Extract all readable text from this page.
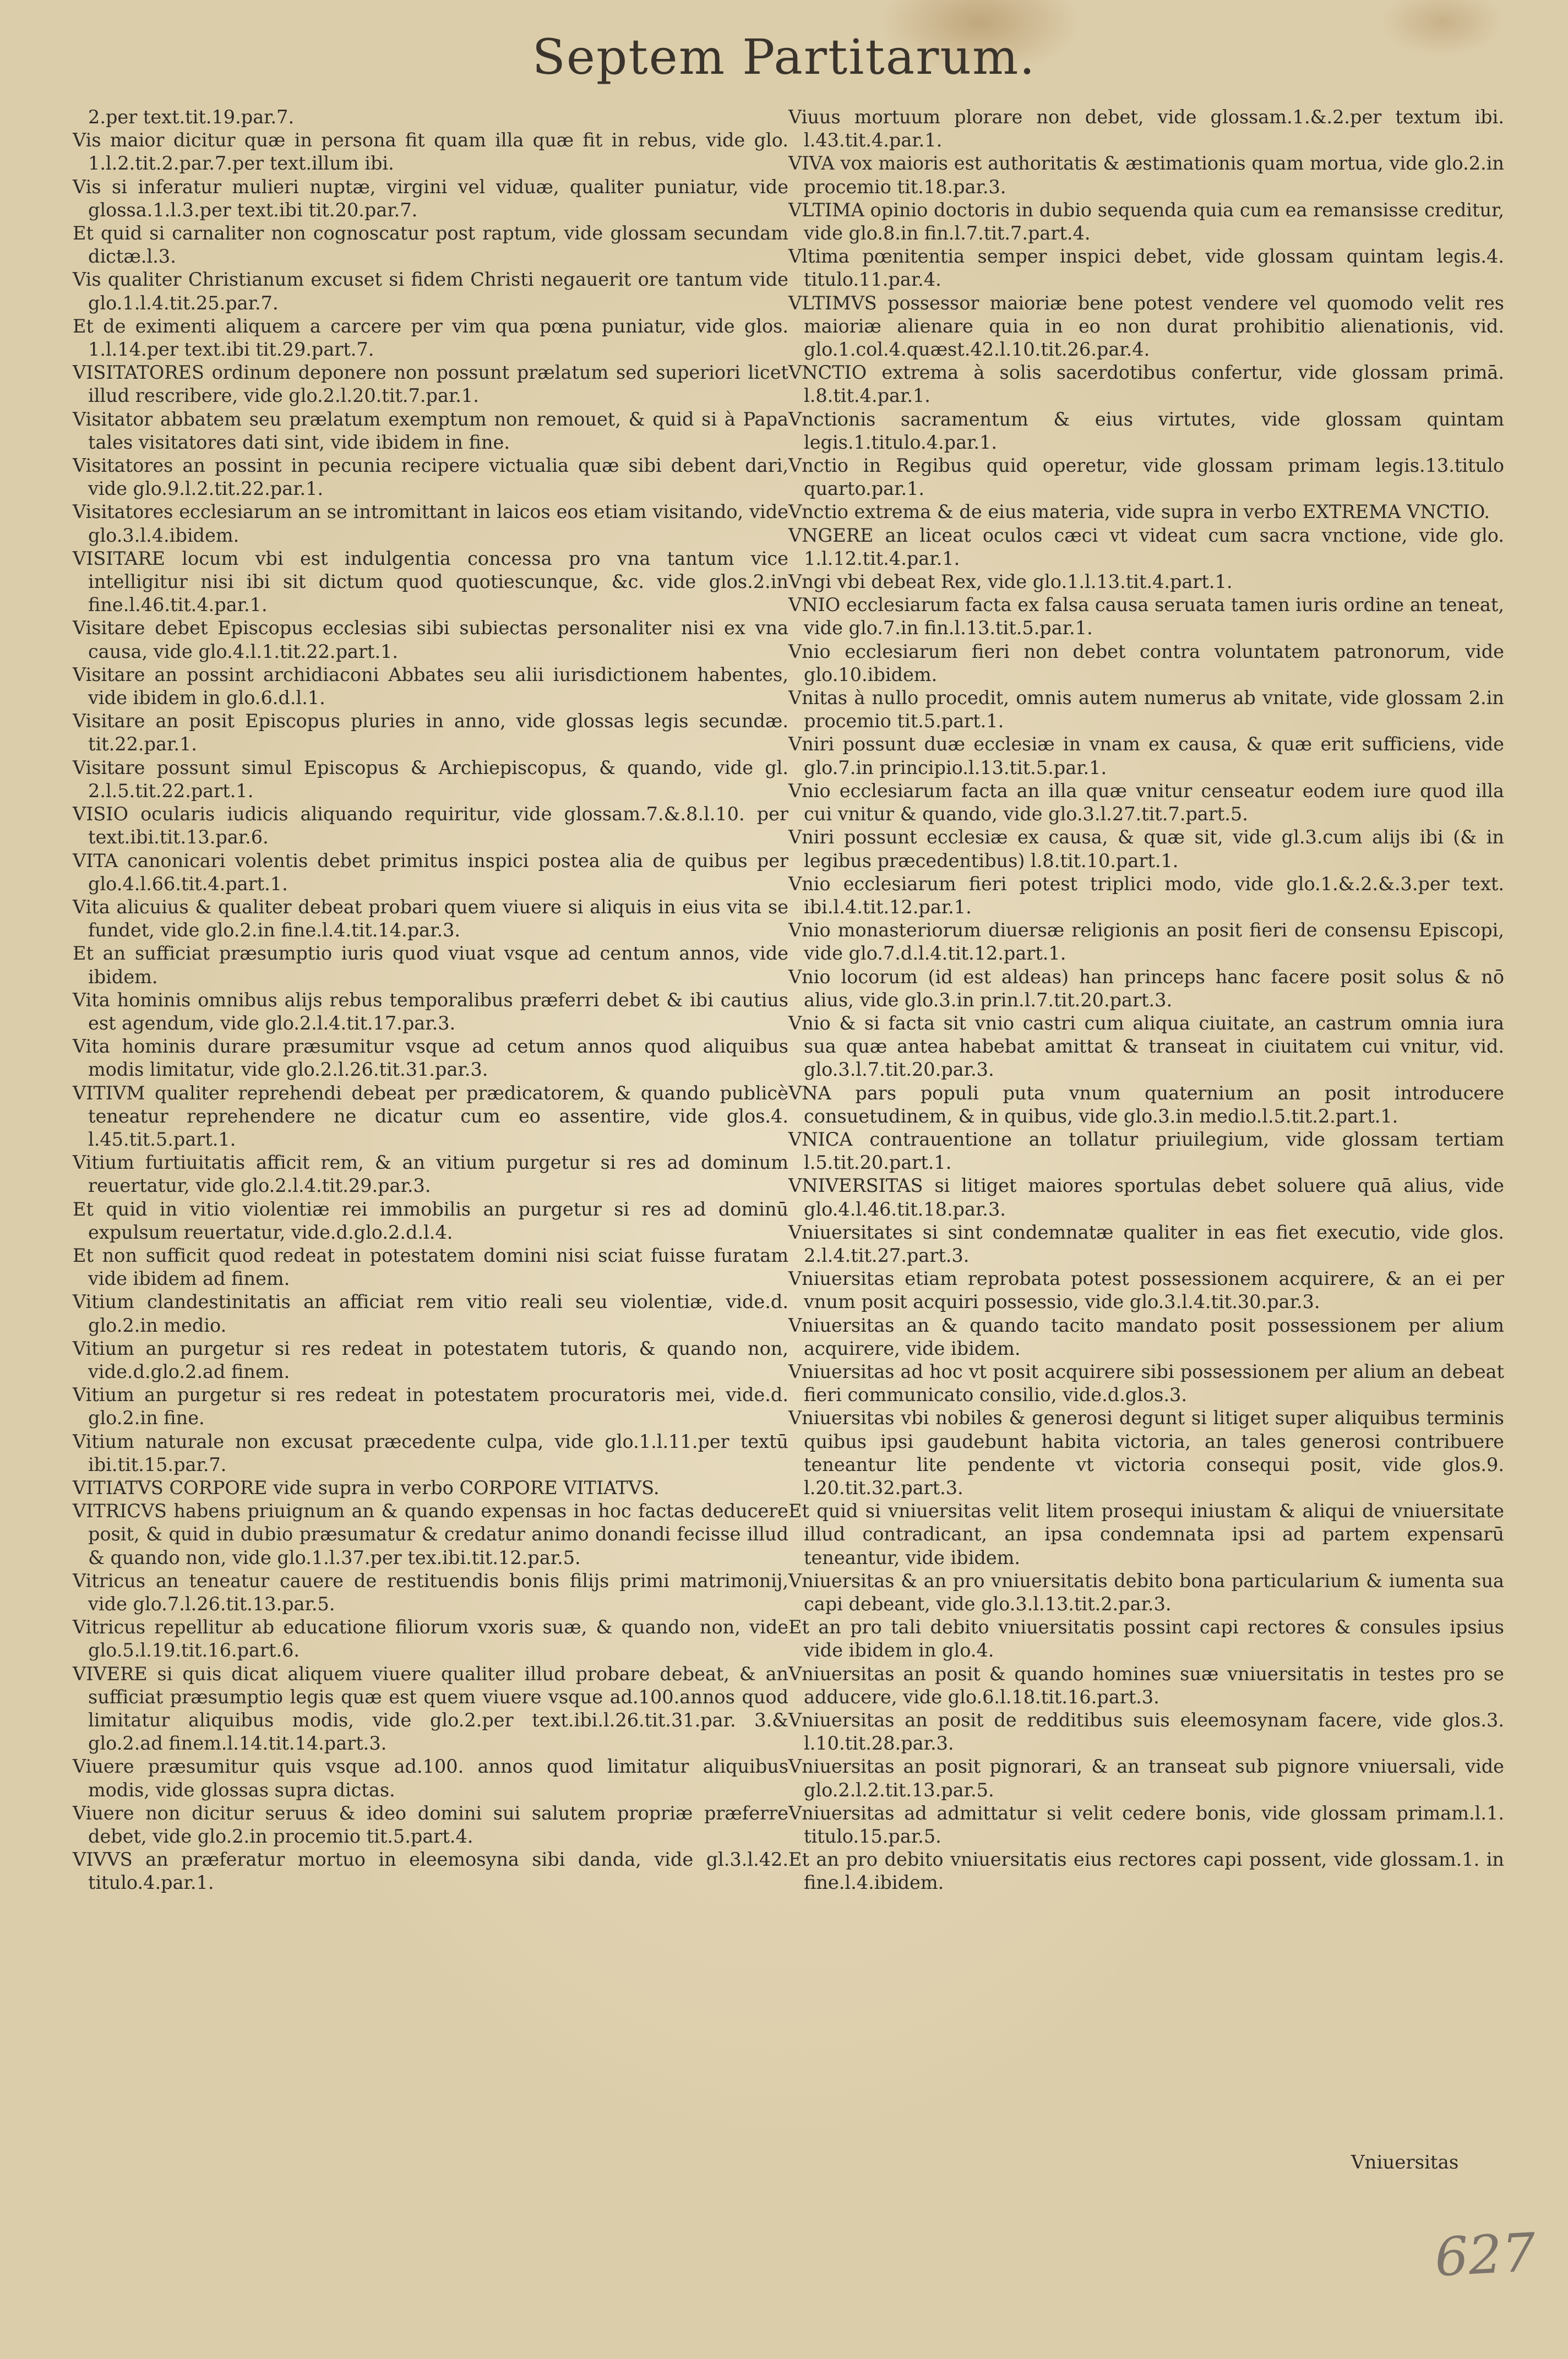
Septem Partitarum.

2.per text.tit.19.par.7.

Vis maior dicitur quæ in persona fit quam illa quæ fit in rebus, vide glo. 1.l.2.tit.2.par.7.per text.illum ibi.

Vis si inferatur mulieri nuptæ, virgini vel viduæ, qualiter puniatur, vide glossa.1.l.3.per text.ibi tit.20.par.7.

Et quid si carnaliter non cognoscatur post raptum, vide glossam secundam dictæ.l.3.

Vis qualiter Christianum excuset si fidem Christi negauerit ore tantum vide glo.1.l.4.tit.25.par.7.

Et de eximenti aliquem a carcere per vim qua pœna puniatur, vide glos. 1.l.14.per text.ibi tit.29.part.7.

VISITATORES ordinum deponere non possunt prælatum sed superiori licet illud rescribere, vide glo.2.l.20.tit.7.par.1.

Visitator abbatem seu prælatum exemptum non remouet, & quid si à Papa tales visitatores dati sint, vide ibidem in fine.

Visitatores an possint in pecunia recipere victualia quæ sibi debent dari, vide glo.9.l.2.tit.22.par.1.

Visitatores ecclesiarum an se intromittant in laicos eos etiam visitando, vide glo.3.l.4.ibidem.

VISITARE locum vbi est indulgentia concessa pro vna tantum vice intelligitur nisi ibi sit dictum quod quotiescunque, &c. vide glos.2.in fine.l.46.tit.4.par.1.

Visitare debet Episcopus ecclesias sibi subiectas personaliter nisi ex vna causa, vide glo.4.l.1.tit.22.part.1.

Visitare an possint archidiaconi Abbates seu alii iurisdictionem habentes, vide ibidem in glo.6.d.l.1.

Visitare an posit Episcopus pluries in anno, vide glossas legis secundæ. tit.22.par.1.

Visitare possunt simul Episcopus & Archiepiscopus, & quando, vide gl. 2.l.5.tit.22.part.1.

VISIO ocularis iudicis aliquando requiritur, vide glossam.7.&.8.l.10. per text.ibi.tit.13.par.6.

VITA canonicari volentis debet primitus inspici postea alia de quibus per glo.4.l.66.tit.4.part.1.

Vita alicuius & qualiter debeat probari quem viuere si aliquis in eius vita se fundet, vide glo.2.in fine.l.4.tit.14.par.3.

Et an sufficiat præsumptio iuris quod viuat vsque ad centum annos, vide ibidem.

Vita hominis omnibus alijs rebus temporalibus præferri debet & ibi cautius est agendum, vide glo.2.l.4.tit.17.par.3.

Vita hominis durare præsumitur vsque ad cetum annos quod aliquibus modis limitatur, vide glo.2.l.26.tit.31.par.3.

VITIVM qualiter reprehendi debeat per prædicatorem, & quando publicè teneatur reprehendere ne dicatur cum eo assentire, vide glos.4. l.45.tit.5.part.1.

Vitium furtiuitatis afficit rem, & an vitium purgetur si res ad dominum reuertatur, vide glo.2.l.4.tit.29.par.3.

Et quid in vitio violentiæ rei immobilis an purgetur si res ad dominū expulsum reuertatur, vide.d.glo.2.d.l.4.

Et non sufficit quod redeat in potestatem domini nisi sciat fuisse furatam vide ibidem ad finem.

Vitium clandestinitatis an afficiat rem vitio reali seu violentiæ, vide.d. glo.2.in medio.

Vitium an purgetur si res redeat in potestatem tutoris, & quando non, vide.d.glo.2.ad finem.

Vitium an purgetur si res redeat in potestatem procuratoris mei, vide.d. glo.2.in fine.

Vitium naturale non excusat præcedente culpa, vide glo.1.l.11.per textū ibi.tit.15.par.7.

VITIATVS CORPORE vide supra in verbo CORPORE VITIATVS.

VITRICVS habens priuignum an & quando expensas in hoc factas deducere posit, & quid in dubio præsumatur & credatur animo donandi fecisse illud & quando non, vide glo.1.l.37.per tex.ibi.tit.12.par.5.

Vitricus an teneatur cauere de restituendis bonis filijs primi matrimonij, vide glo.7.l.26.tit.13.par.5.

Vitricus repellitur ab educatione filiorum vxoris suæ, & quando non, vide glo.5.l.19.tit.16.part.6.

VIVERE si quis dicat aliquem viuere qualiter illud probare debeat, & an sufficiat præsumptio legis quæ est quem viuere vsque ad.100.annos quod limitatur aliquibus modis, vide glo.2.per text.ibi.l.26.tit.31.par. 3.& glo.2.ad finem.l.14.tit.14.part.3.

Viuere præsumitur quis vsque ad.100. annos quod limitatur aliquibus modis, vide glossas supra dictas.

Viuere non dicitur seruus & ideo domini sui salutem propriæ præferre debet, vide glo.2.in procemio tit.5.part.4.

VIVVS an præferatur mortuo in eleemosyna sibi danda, vide gl.3.l.42. titulo.4.par.1.

Viuus mortuum plorare non debet, vide glossam.1.&.2.per textum ibi. l.43.tit.4.par.1.

VIVA vox maioris est authoritatis & æstimationis quam mortua, vide glo.2.in procemio tit.18.par.3.

VLTIMA opinio doctoris in dubio sequenda quia cum ea remansisse creditur, vide glo.8.in fin.l.7.tit.7.part.4.

Vltima pœnitentia semper inspici debet, vide glossam quintam legis.4. titulo.11.par.4.

VLTIMVS possessor maioriæ bene potest vendere vel quomodo velit res maioriæ alienare quia in eo non durat prohibitio alienationis, vid. glo.1.col.4.quæst.42.l.10.tit.26.par.4.

VNCTIO extrema à solis sacerdotibus confertur, vide glossam primā. l.8.tit.4.par.1.

Vnctionis sacramentum & eius virtutes, vide glossam quintam legis.1.titulo.4.par.1.

Vnctio in Regibus quid operetur, vide glossam primam legis.13.titulo quarto.par.1.

Vnctio extrema & de eius materia, vide supra in verbo EXTREMA VNCTIO.

VNGERE an liceat oculos cæci vt videat cum sacra vnctione, vide glo. 1.l.12.tit.4.par.1.

Vngi vbi debeat Rex, vide glo.1.l.13.tit.4.part.1.

VNIO ecclesiarum facta ex falsa causa seruata tamen iuris ordine an teneat, vide glo.7.in fin.l.13.tit.5.par.1.

Vnio ecclesiarum fieri non debet contra voluntatem patronorum, vide glo.10.ibidem.

Vnitas à nullo procedit, omnis autem numerus ab vnitate, vide glossam 2.in procemio tit.5.part.1.

Vniri possunt duæ ecclesiæ in vnam ex causa, & quæ erit sufficiens, vide glo.7.in principio.l.13.tit.5.par.1.

Vnio ecclesiarum facta an illa quæ vnitur censeatur eodem iure quod illa cui vnitur & quando, vide glo.3.l.27.tit.7.part.5.

Vniri possunt ecclesiæ ex causa, & quæ sit, vide gl.3.cum alijs ibi (& in legibus præcedentibus) l.8.tit.10.part.1.

Vnio ecclesiarum fieri potest triplici modo, vide glo.1.&.2.&.3.per text. ibi.l.4.tit.12.par.1.

Vnio monasteriorum diuersæ religionis an posit fieri de consensu Episcopi, vide glo.7.d.l.4.tit.12.part.1.

Vnio locorum (id est aldeas) han princeps hanc facere posit solus & nō alius, vide glo.3.in prin.l.7.tit.20.part.3.

Vnio & si facta sit vnio castri cum aliqua ciuitate, an castrum omnia iura sua quæ antea habebat amittat & transeat in ciuitatem cui vnitur, vid. glo.3.l.7.tit.20.par.3.

VNA pars populi puta vnum quaternium an posit introducere consuetudinem, & in quibus, vide glo.3.in medio.l.5.tit.2.part.1.

VNICA contrauentione an tollatur priuilegium, vide glossam tertiam l.5.tit.20.part.1.

VNIVERSITAS si litiget maiores sportulas debet soluere quā alius, vide glo.4.l.46.tit.18.par.3.

Vniuersitates si sint condemnatæ qualiter in eas fiet executio, vide glos. 2.l.4.tit.27.part.3.

Vniuersitas etiam reprobata potest possessionem acquirere, & an ei per vnum posit acquiri possessio, vide glo.3.l.4.tit.30.par.3.

Vniuersitas an & quando tacito mandato posit possessionem per alium acquirere, vide ibidem.

Vniuersitas ad hoc vt posit acquirere sibi possessionem per alium an debeat fieri communicato consilio, vide.d.glos.3.

Vniuersitas vbi nobiles & generosi degunt si litiget super aliquibus terminis quibus ipsi gaudebunt habita victoria, an tales generosi contribuere teneantur lite pendente vt victoria consequi posit, vide glos.9. l.20.tit.32.part.3.

Et quid si vniuersitas velit litem prosequi iniustam & aliqui de vniuersitate illud contradicant, an ipsa condemnata ipsi ad partem expensarū teneantur, vide ibidem.

Vniuersitas & an pro vniuersitatis debito bona particularium & iumenta sua capi debeant, vide glo.3.l.13.tit.2.par.3.

Et an pro tali debito vniuersitatis possint capi rectores & consules ipsius vide ibidem in glo.4.

Vniuersitas an posit & quando homines suæ vniuersitatis in testes pro se adducere, vide glo.6.l.18.tit.16.part.3.

Vniuersitas an posit de redditibus suis eleemosynam facere, vide glos.3. l.10.tit.28.par.3.

Vniuersitas an posit pignorari, & an transeat sub pignore vniuersali, vide glo.2.l.2.tit.13.par.5.

Vniuersitas ad admittatur si velit cedere bonis, vide glossam primam.l.1. titulo.15.par.5.

Et an pro debito vniuersitatis eius rectores capi possent, vide glossam.1. in fine.l.4.ibidem.

Vniuersitas
627
